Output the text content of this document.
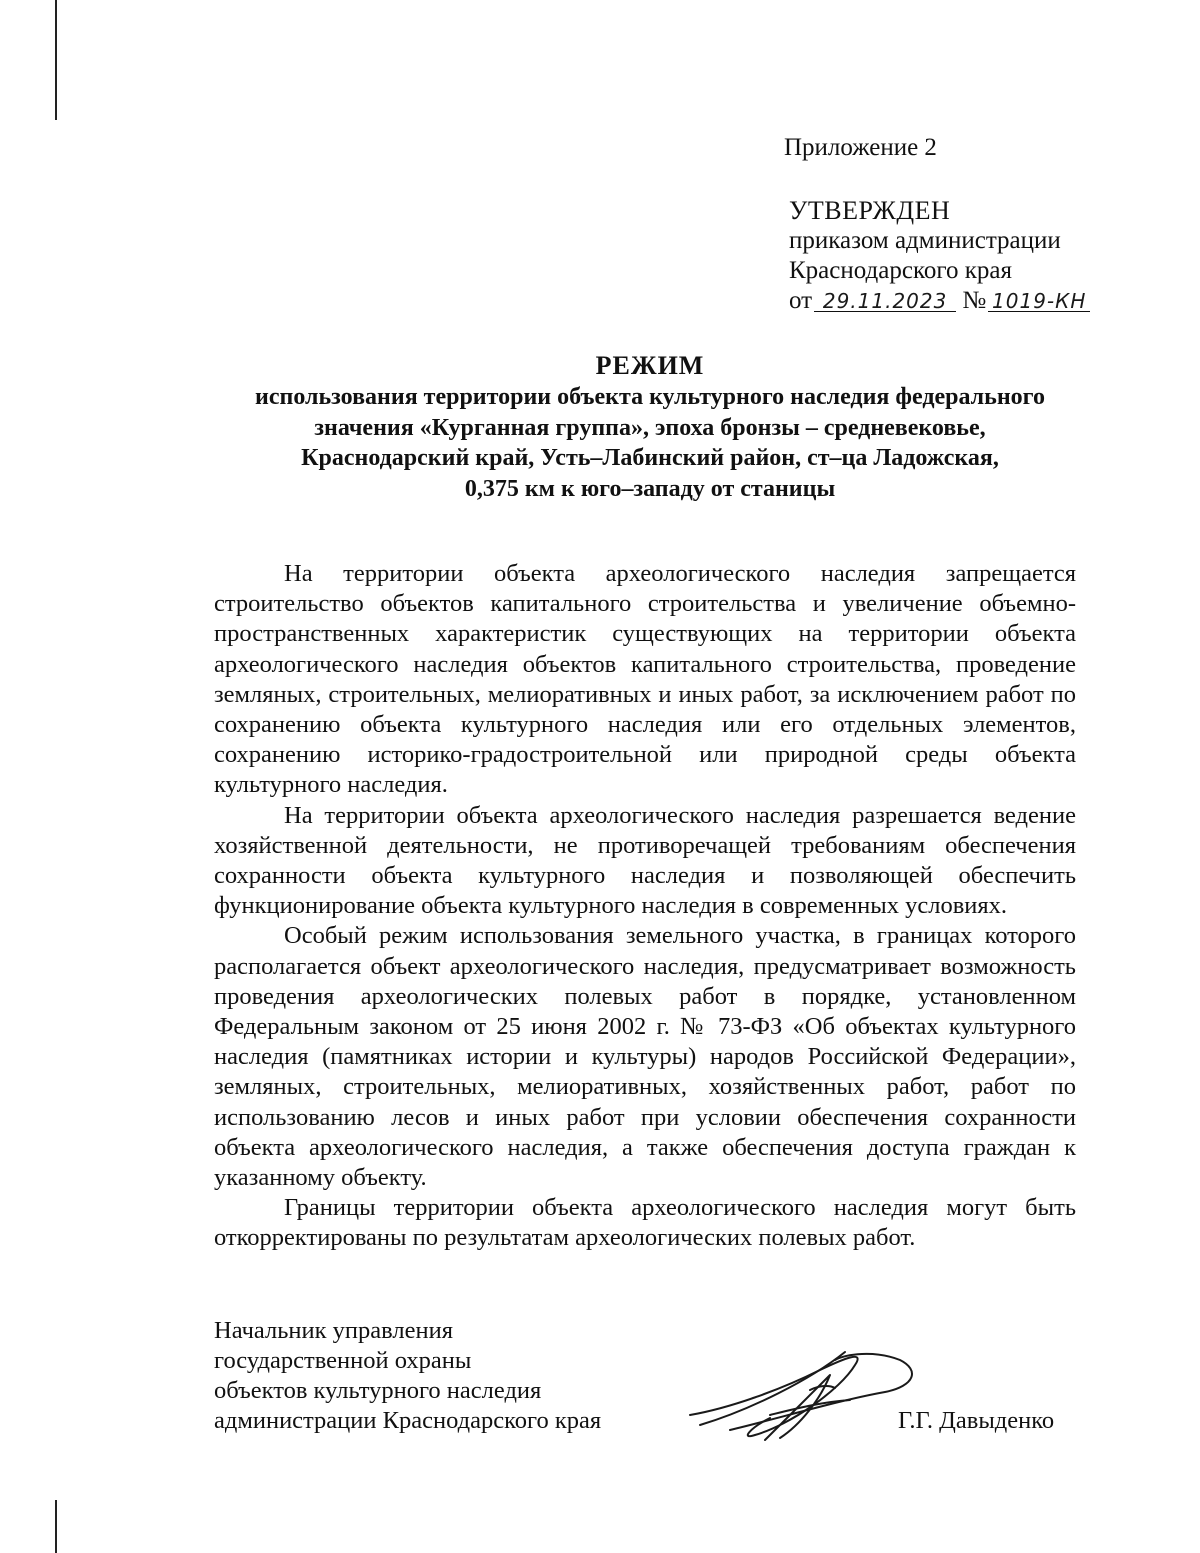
Приложение 2
УТВЕРЖДЕН
приказом администрации
Краснодарского края
от 29.11.2023 № 1019-КН
РЕЖИМ
использования территории объекта культурного наследия федерального
значения «Курганная группа», эпоха бронзы – средневековье,
Краснодарский край, Усть–Лабинский район, ст–ца Ладожская,
0,375 км к юго–западу от станицы

На территории объекта археологического наследия запрещается строительство объектов капитального строительства и увеличение объемно-пространственных характеристик существующих на территории объекта археологического наследия объектов капитального строительства, проведение земляных, строительных, мелиоративных и иных работ, за исключением работ по сохранению объекта культурного наследия или его отдельных элементов, сохранению историко-градостроительной или природной среды объекта культурного наследия.

На территории объекта археологического наследия разрешается ведение хозяйственной деятельности, не противоречащей требованиям обеспечения сохранности объекта культурного наследия и позволяющей обеспечить функционирование объекта культурного наследия в современных условиях.

Особый режим использования земельного участка, в границах которого располагается объект археологического наследия, предусматривает возможность проведения археологических полевых работ в порядке, установленном Федеральным законом от 25 июня 2002 г. № 73-ФЗ «Об объектах культурного наследия (памятниках истории и культуры) народов Российской Федерации», земляных, строительных, мелиоративных, хозяйственных работ, работ по использованию лесов и иных работ при условии обеспечения сохранности объекта археологического наследия, а также обеспечения доступа граждан к указанному объекту.

Границы территории объекта археологического наследия могут быть откорректированы по результатам археологических полевых работ.

Начальник управления
государственной охраны
объектов культурного наследия
администрации Краснодарского края	Г.Г. Давыденко
